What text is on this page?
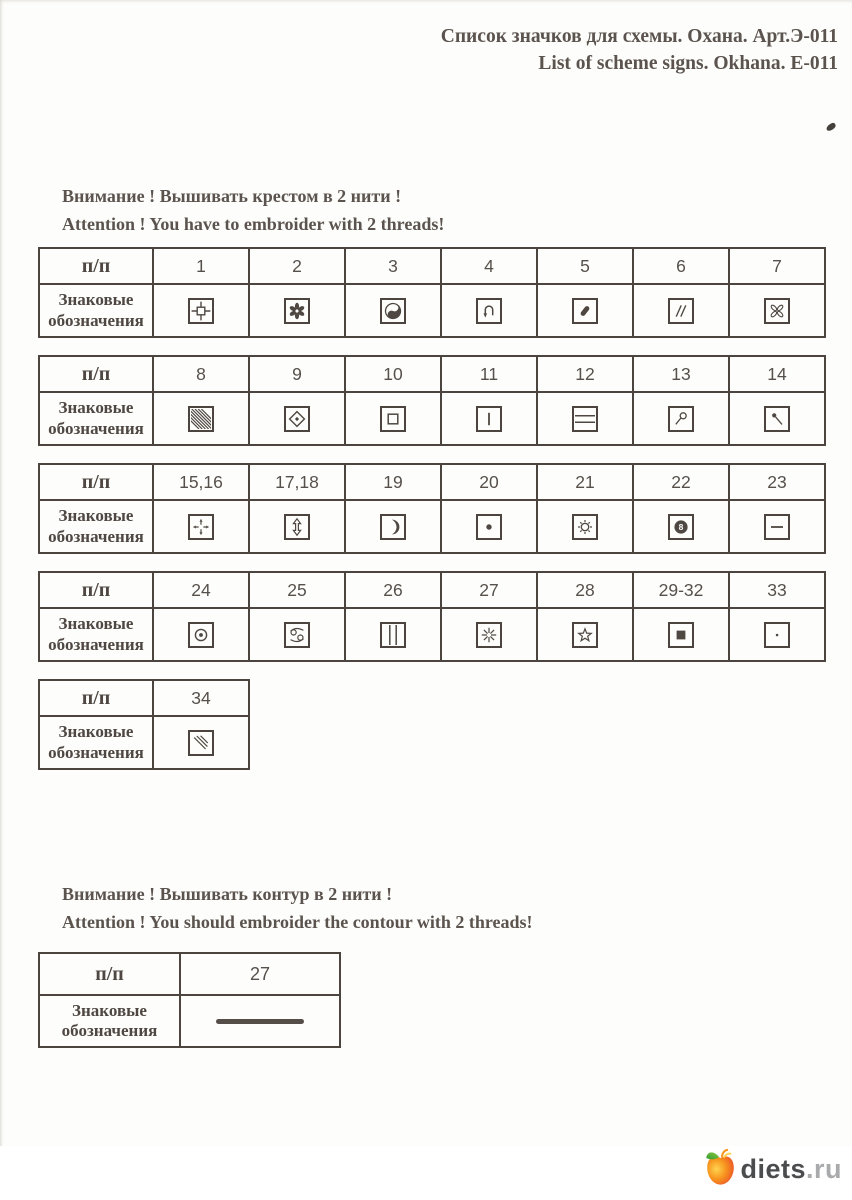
Список значков для схемы. Охана. Арт.Э-011
List of scheme signs. Okhana. E-011
Внимание ! Вышивать крестом в 2 нити !
Attention ! You have to embroider with 2 threads!
п/п	1	2	3	4	5	6	7
Знаковые
обозначения	

п/п	8	9	10	11	12	13	14
Знаковые
обозначения	

п/п	15,16	17,18	19	20	21	22	23
Знаковые
обозначения						8

п/п	24	25	26	27	28	29-32	33
Знаковые
обозначения	

п/п	34
Знаковые
обозначения	
Внимание ! Вышивать контур в 2 нити !
Attention ! You should embroider the contour with 2 threads!
п/п	27
Знаковые
обозначения	
diets.ru
